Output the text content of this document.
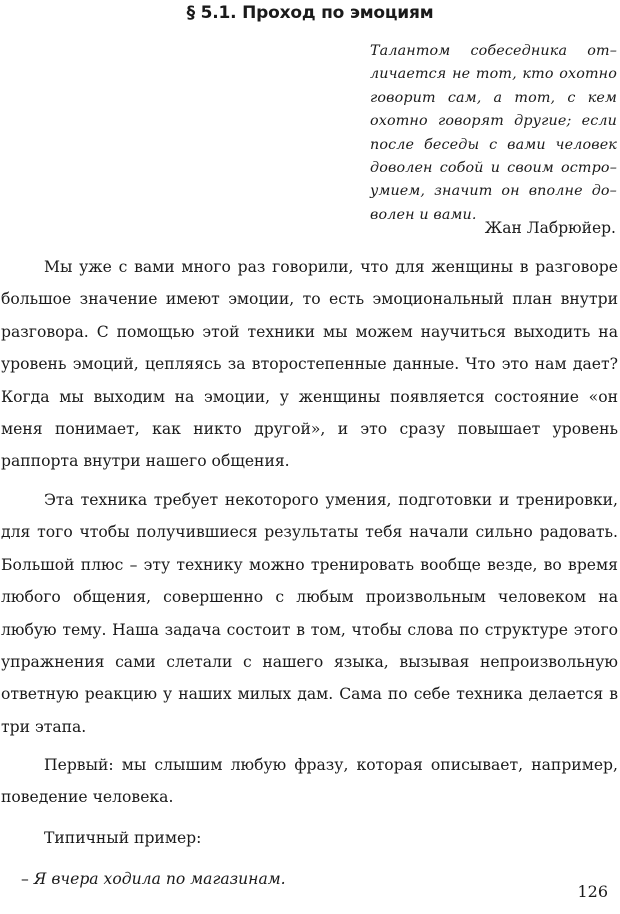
§ 5.1. Проход по эмоциям
Талантом собеседника от–
личается не тот, кто охотно
говорит сам, а тот, с кем
охотно говорят другие; если
после беседы с вами человек
доволен собой и своим остро–
умием, значит он вполне до–
волен и вами.
Жан Лабрюйер.
Мы уже с вами много раз говорили, что для женщины в разговоре
большое значение имеют эмоции, то есть эмоциональный план внутри
разговора. С помощью этой техники мы можем научиться выходить на
уровень эмоций, цепляясь за второстепенные данные. Что это нам дает?
Когда мы выходим на эмоции, у женщины появляется состояние «он
меня понимает, как никто другой», и это сразу повышает уровень
раппорта внутри нашего общения.
Эта техника требует некоторого умения, подготовки и тренировки,
для того чтобы получившиеся результаты тебя начали сильно радовать.
Большой плюс – эту технику можно тренировать вообще везде, во время
любого общения, совершенно с любым произвольным человеком на
любую тему. Наша задача состоит в том, чтобы слова по структуре этого
упражнения сами слетали с нашего языка, вызывая непроизвольную
ответную реакцию у наших милых дам. Сама по себе техника делается в
три этапа.
Первый: мы слышим любую фразу, которая описывает, например,
поведение человека.
Типичный пример:
– Я вчера ходила по магазинам.
126
